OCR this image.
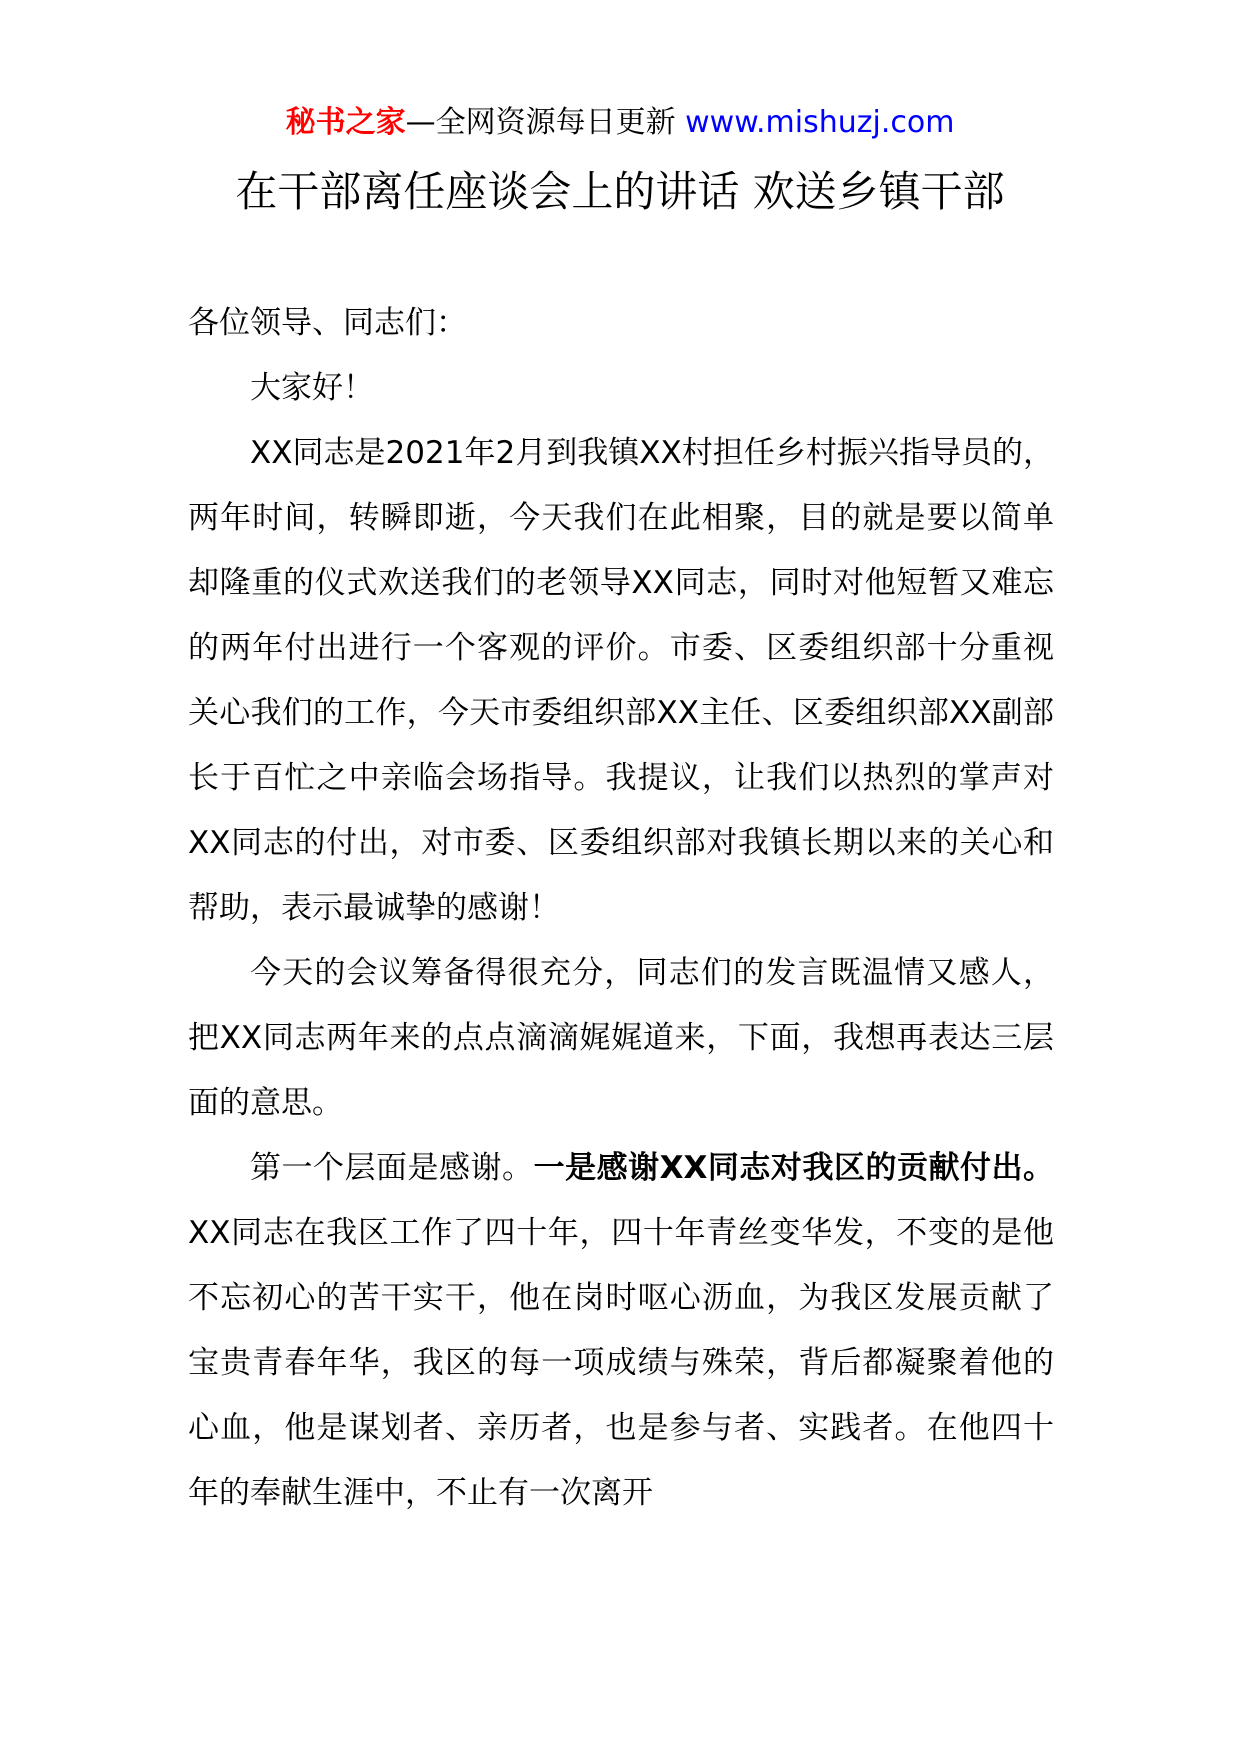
秘书之家—全网资源每日更新 www.mishuzj.com
在干部离任座谈会上的讲话 欢送乡镇干部

各位领导、同志们：

大家好！

XX同志是2021年2月到我镇XX村担任乡村振兴指导员的，两年时间，转瞬即逝，今天我们在此相聚，目的就是要以简单却隆重的仪式欢送我们的老领导XX同志，同时对他短暂又难忘的两年付出进行一个客观的评价。市委、区委组织部十分重视关心我们的工作，今天市委组织部XX主任、区委组织部XX副部长于百忙之中亲临会场指导。我提议，让我们以热烈的掌声对XX同志的付出，对市委、区委组织部对我镇长期以来的关心和帮助，表示最诚挚的感谢！

今天的会议筹备得很充分，同志们的发言既温情又感人，把XX同志两年来的点点滴滴娓娓道来，下面，我想再表达三层面的意思。

第一个层面是感谢。一是感谢XX同志对我区的贡献付出。XX同志在我区工作了四十年，四十年青丝变华发，不变的是他不忘初心的苦干实干，他在岗时呕心沥血，为我区发展贡献了宝贵青春年华，我区的每一项成绩与殊荣，背后都凝聚着他的心血，他是谋划者、亲历者，也是参与者、实践者。在他四十年的奉献生涯中，不止有一次离开
